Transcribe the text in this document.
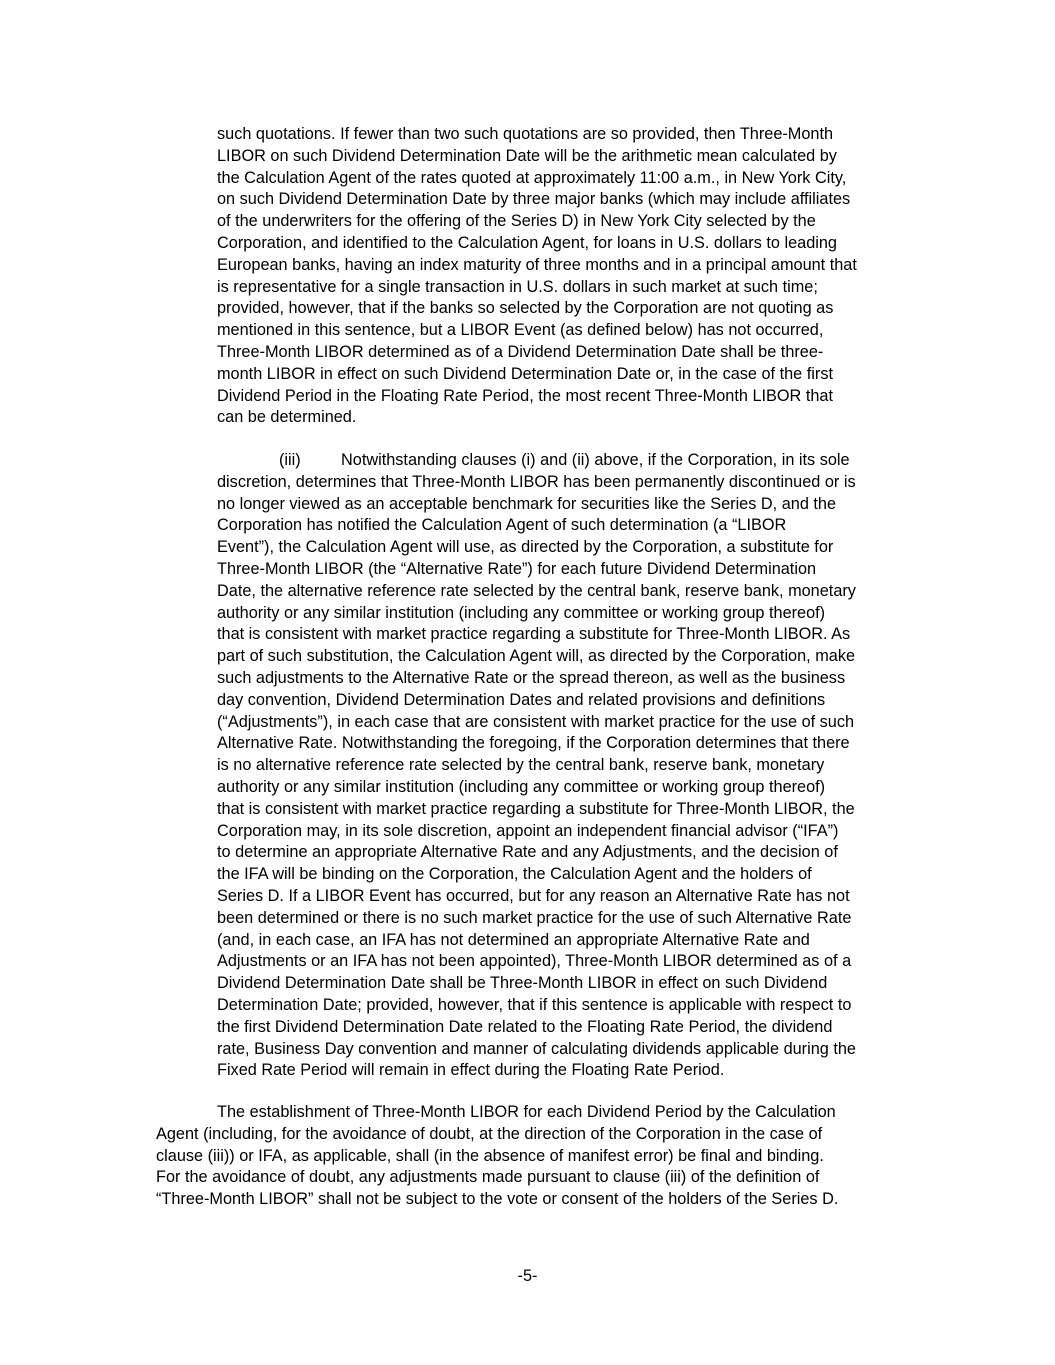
such quotations. If fewer than two such quotations are so provided, then Three-Month
LIBOR on such Dividend Determination Date will be the arithmetic mean calculated by
the Calculation Agent of the rates quoted at approximately 11:00 a.m., in New York City,
on such Dividend Determination Date by three major banks (which may include affiliates
of the underwriters for the offering of the Series D) in New York City selected by the
Corporation, and identified to the Calculation Agent, for loans in U.S. dollars to leading
European banks, having an index maturity of three months and in a principal amount that
is representative for a single transaction in U.S. dollars in such market at such time;
provided, however, that if the banks so selected by the Corporation are not quoting as
mentioned in this sentence, but a LIBOR Event (as defined below) has not occurred,
Three-Month LIBOR determined as of a Dividend Determination Date shall be three-
month LIBOR in effect on such Dividend Determination Date or, in the case of the first
Dividend Period in the Floating Rate Period, the most recent Three-Month LIBOR that
can be determined.
(iii) Notwithstanding clauses (i) and (ii) above, if the Corporation, in its sole
discretion, determines that Three-Month LIBOR has been permanently discontinued or is
no longer viewed as an acceptable benchmark for securities like the Series D, and the
Corporation has notified the Calculation Agent of such determination (a “LIBOR
Event”), the Calculation Agent will use, as directed by the Corporation, a substitute for
Three-Month LIBOR (the “Alternative Rate”) for each future Dividend Determination
Date, the alternative reference rate selected by the central bank, reserve bank, monetary
authority or any similar institution (including any committee or working group thereof)
that is consistent with market practice regarding a substitute for Three-Month LIBOR. As
part of such substitution, the Calculation Agent will, as directed by the Corporation, make
such adjustments to the Alternative Rate or the spread thereon, as well as the business
day convention, Dividend Determination Dates and related provisions and definitions
(“Adjustments”), in each case that are consistent with market practice for the use of such
Alternative Rate. Notwithstanding the foregoing, if the Corporation determines that there
is no alternative reference rate selected by the central bank, reserve bank, monetary
authority or any similar institution (including any committee or working group thereof)
that is consistent with market practice regarding a substitute for Three-Month LIBOR, the
Corporation may, in its sole discretion, appoint an independent financial advisor (“IFA”)
to determine an appropriate Alternative Rate and any Adjustments, and the decision of
the IFA will be binding on the Corporation, the Calculation Agent and the holders of
Series D. If a LIBOR Event has occurred, but for any reason an Alternative Rate has not
been determined or there is no such market practice for the use of such Alternative Rate
(and, in each case, an IFA has not determined an appropriate Alternative Rate and
Adjustments or an IFA has not been appointed), Three-Month LIBOR determined as of a
Dividend Determination Date shall be Three-Month LIBOR in effect on such Dividend
Determination Date; provided, however, that if this sentence is applicable with respect to
the first Dividend Determination Date related to the Floating Rate Period, the dividend
rate, Business Day convention and manner of calculating dividends applicable during the
Fixed Rate Period will remain in effect during the Floating Rate Period.
The establishment of Three-Month LIBOR for each Dividend Period by the Calculation
Agent (including, for the avoidance of doubt, at the direction of the Corporation in the case of
clause (iii)) or IFA, as applicable, shall (in the absence of manifest error) be final and binding.
For the avoidance of doubt, any adjustments made pursuant to clause (iii) of the definition of
“Three-Month LIBOR” shall not be subject to the vote or consent of the holders of the Series D.
-5-
